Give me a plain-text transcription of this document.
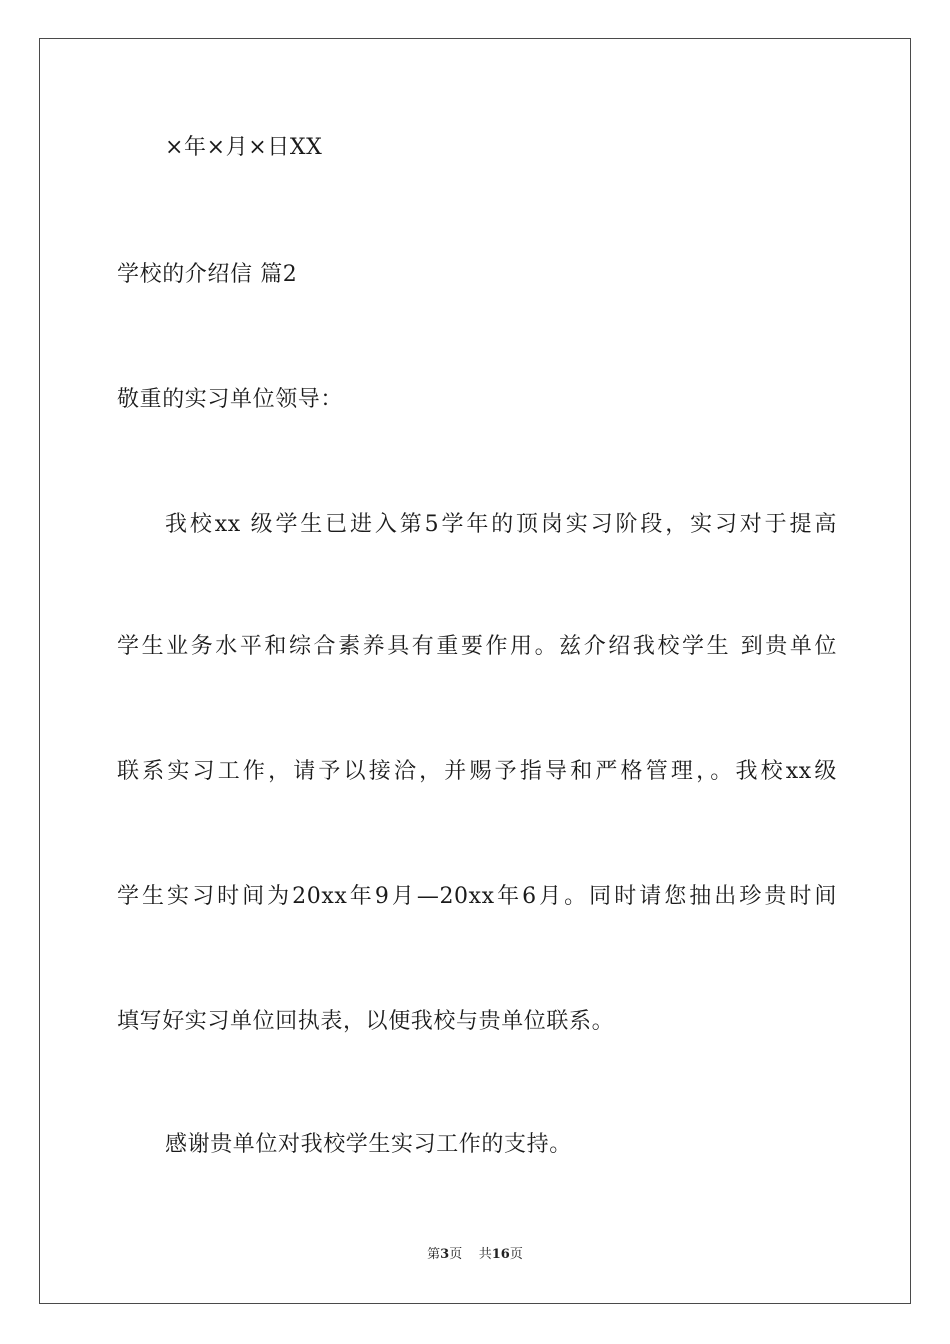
×年×月×日XX
学校的介绍信 篇2
敬重的实习单位领导：
我校xx 级学生已进入第5学年的顶岗实习阶段，实习对于提高
学生业务水平和综合素养具有重要作用。兹介绍我校学生 到贵单位
联系实习工作，请予以接洽，并赐予指导和严格管理，。我校xx级
学生实习时间为20xx年9月—20xx年6月。同时请您抽出珍贵时间
填写好实习单位回执表，以便我校与贵单位联系。
感谢贵单位对我校学生实习工作的支持。
第3页 共16页
